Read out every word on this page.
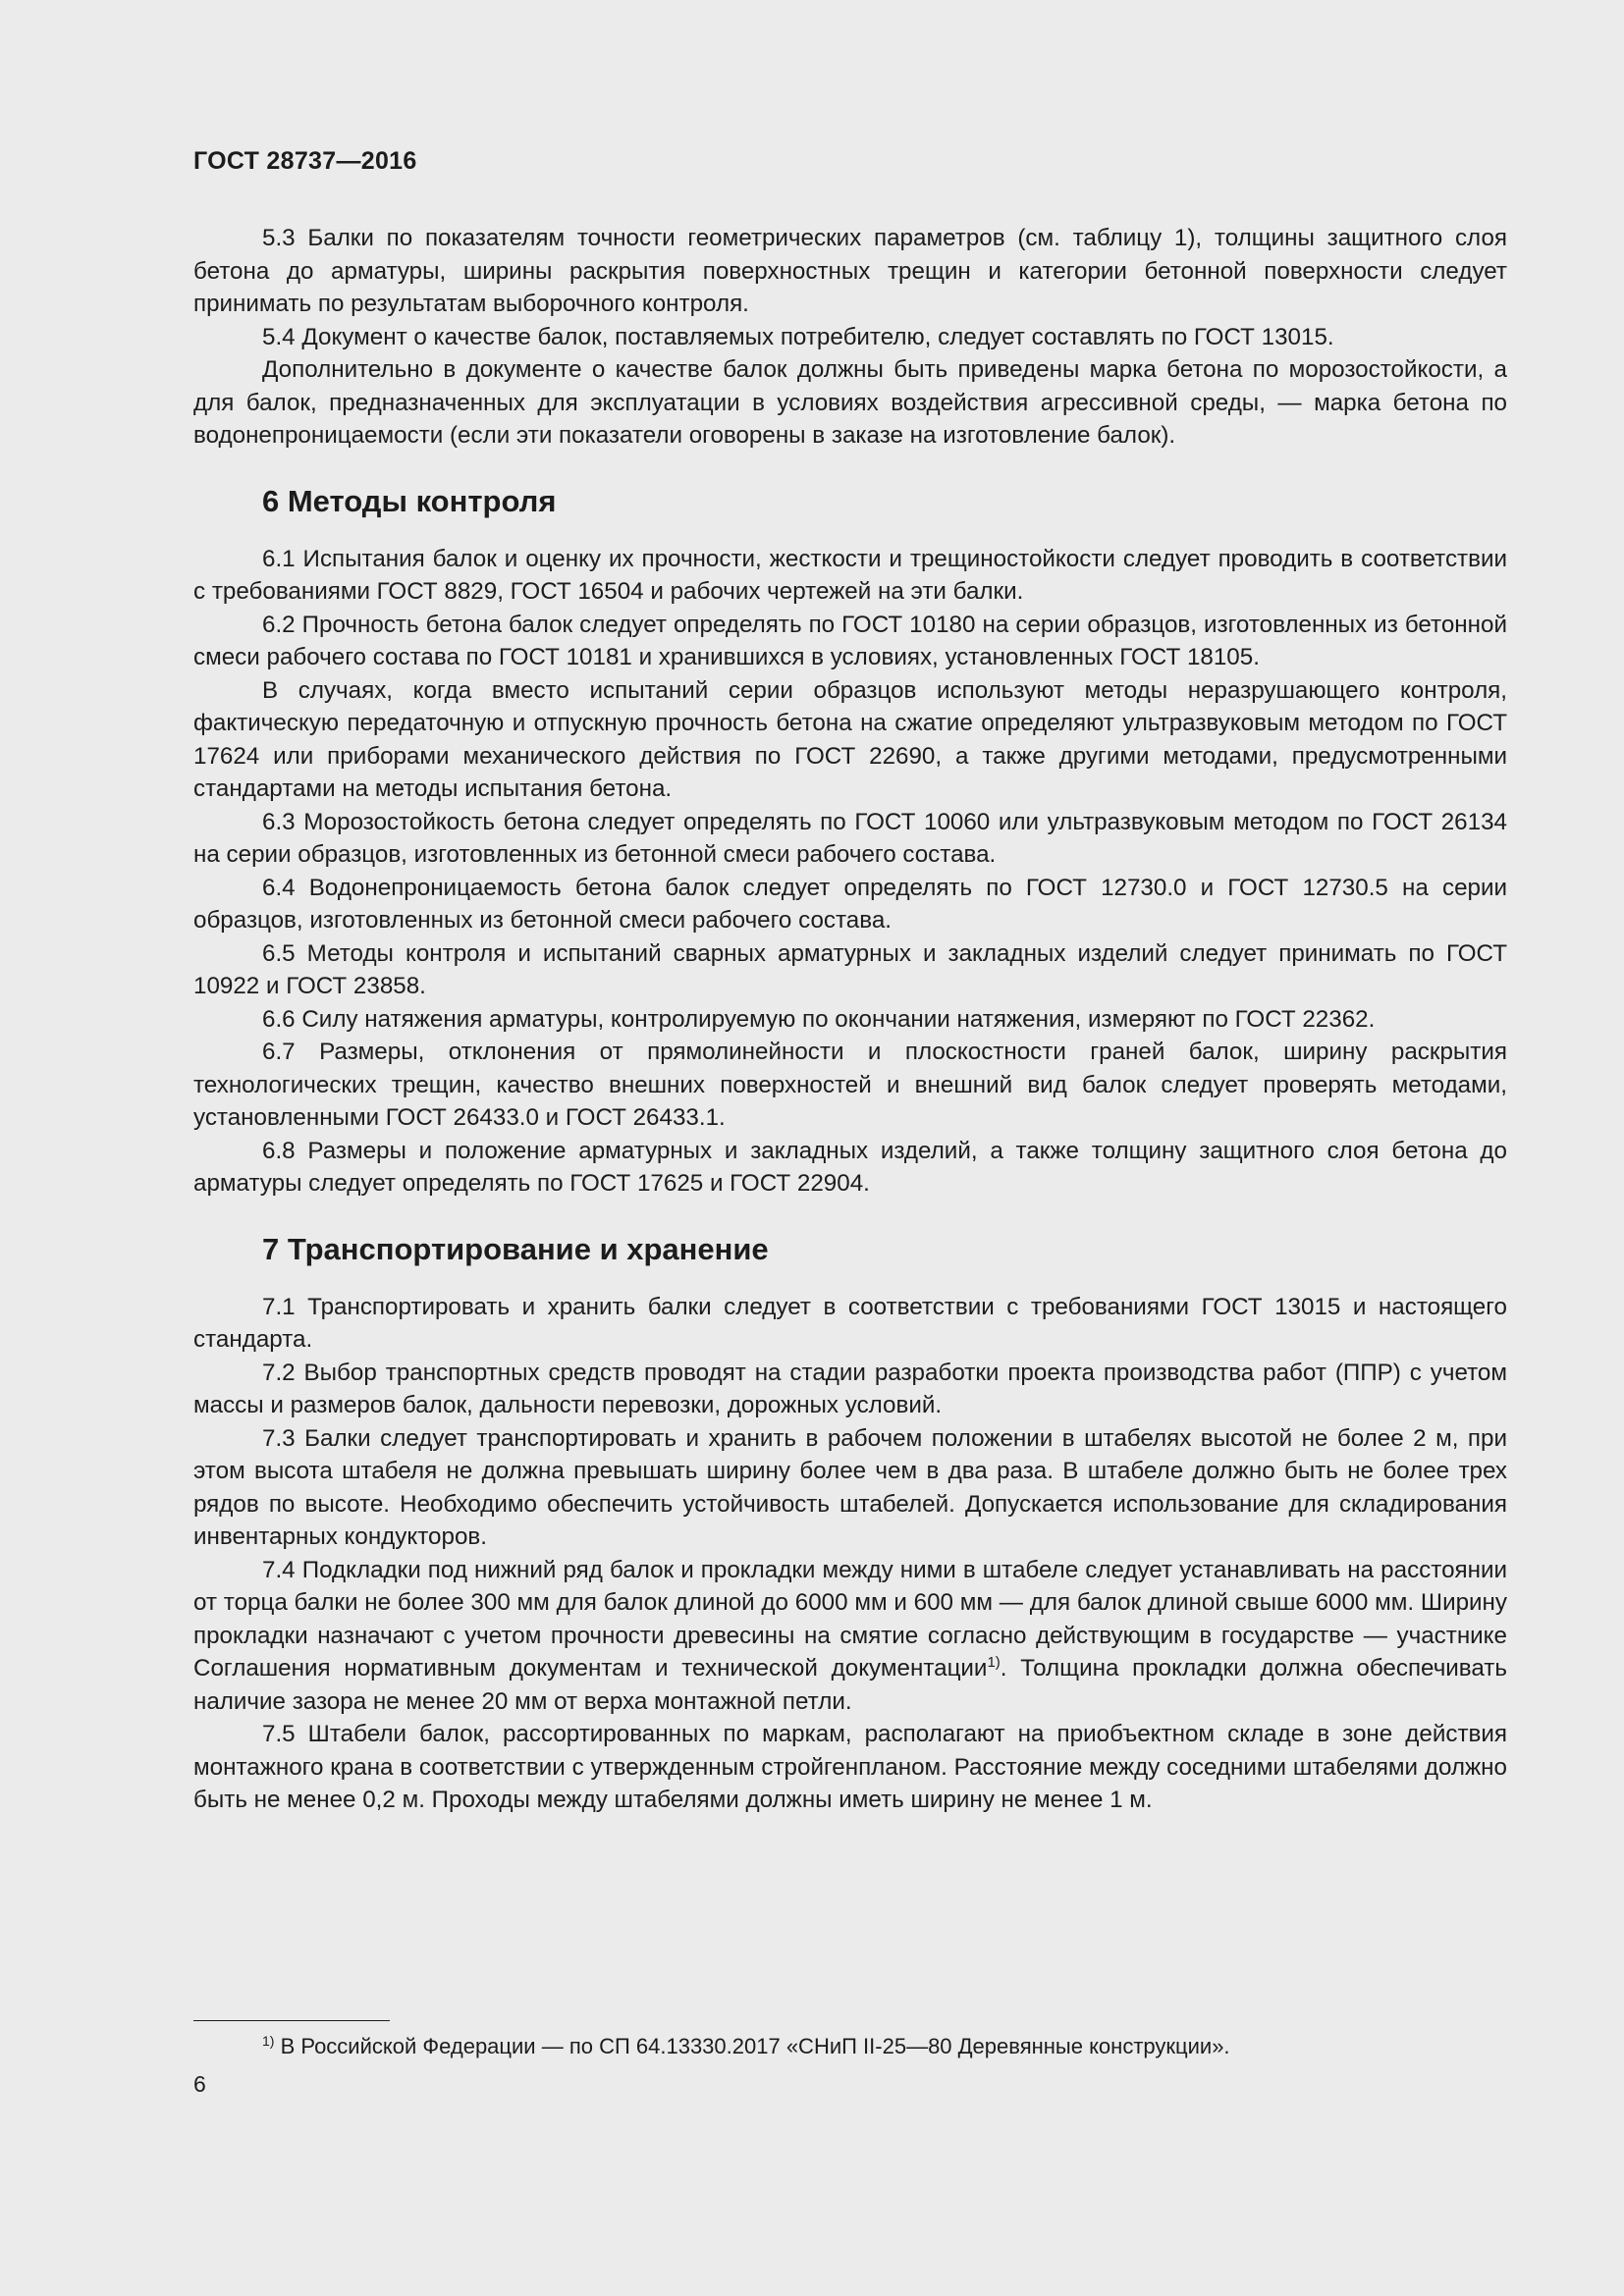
ГОСТ 28737—2016

5.3 Балки по показателям точности геометрических параметров (см. таблицу 1), толщины защитного слоя бетона до арматуры, ширины раскрытия поверхностных трещин и категории бетонной поверхности следует принимать по результатам выборочного контроля.

5.4 Документ о качестве балок, поставляемых потребителю, следует составлять по ГОСТ 13015.

Дополнительно в документе о качестве балок должны быть приведены марка бетона по морозостойкости, а для балок, предназначенных для эксплуатации в условиях воздействия агрессивной среды, — марка бетона по водонепроницаемости (если эти показатели оговорены в заказе на изготовление балок).

6 Методы контроля

6.1 Испытания балок и оценку их прочности, жесткости и трещиностойкости следует проводить в соответствии с требованиями ГОСТ 8829, ГОСТ 16504 и рабочих чертежей на эти балки.

6.2 Прочность бетона балок следует определять по ГОСТ 10180 на серии образцов, изготовленных из бетонной смеси рабочего состава по ГОСТ 10181 и хранившихся в условиях, установленных ГОСТ 18105.

В случаях, когда вместо испытаний серии образцов используют методы неразрушающего контроля, фактическую передаточную и отпускную прочность бетона на сжатие определяют ультразвуковым методом по ГОСТ 17624 или приборами механического действия по ГОСТ 22690, а также другими методами, предусмотренными стандартами на методы испытания бетона.

6.3 Морозостойкость бетона следует определять по ГОСТ 10060 или ультразвуковым методом по ГОСТ 26134 на серии образцов, изготовленных из бетонной смеси рабочего состава.

6.4 Водонепроницаемость бетона балок следует определять по ГОСТ 12730.0 и ГОСТ 12730.5 на серии образцов, изготовленных из бетонной смеси рабочего состава.

6.5 Методы контроля и испытаний сварных арматурных и закладных изделий следует принимать по ГОСТ 10922 и ГОСТ 23858.

6.6 Силу натяжения арматуры, контролируемую по окончании натяжения, измеряют по ГОСТ 22362.

6.7 Размеры, отклонения от прямолинейности и плоскостности граней балок, ширину раскрытия технологических трещин, качество внешних поверхностей и внешний вид балок следует проверять методами, установленными ГОСТ 26433.0 и ГОСТ 26433.1.

6.8 Размеры и положение арматурных и закладных изделий, а также толщину защитного слоя бетона до арматуры следует определять по ГОСТ 17625 и ГОСТ 22904.

7 Транспортирование и хранение

7.1 Транспортировать и хранить балки следует в соответствии с требованиями ГОСТ 13015 и настоящего стандарта.

7.2 Выбор транспортных средств проводят на стадии разработки проекта производства работ (ППР) с учетом массы и размеров балок, дальности перевозки, дорожных условий.

7.3 Балки следует транспортировать и хранить в рабочем положении в штабелях высотой не более 2 м, при этом высота штабеля не должна превышать ширину более чем в два раза. В штабеле должно быть не более трех рядов по высоте. Необходимо обеспечить устойчивость штабелей. Допускается использование для складирования инвентарных кондукторов.

7.4 Подкладки под нижний ряд балок и прокладки между ними в штабеле следует устанавливать на расстоянии от торца балки не более 300 мм для балок длиной до 6000 мм и 600 мм — для балок длиной свыше 6000 мм. Ширину прокладки назначают с учетом прочности древесины на смятие согласно действующим в государстве — участнике Соглашения нормативным документам и технической документации$^{1)}$. Толщина прокладки должна обеспечивать наличие зазора не менее 20 мм от верха монтажной петли.

7.5 Штабели балок, рассортированных по маркам, располагают на приобъектном складе в зоне действия монтажного крана в соответствии с утвержденным стройгенпланом. Расстояние между соседними штабелями должно быть не менее 0,2 м. Проходы между штабелями должны иметь ширину не менее 1 м.

$^{1)}$ В Российской Федерации — по СП 64.13330.2017 «СНиП II-25—80 Деревянные конструкции».
6
